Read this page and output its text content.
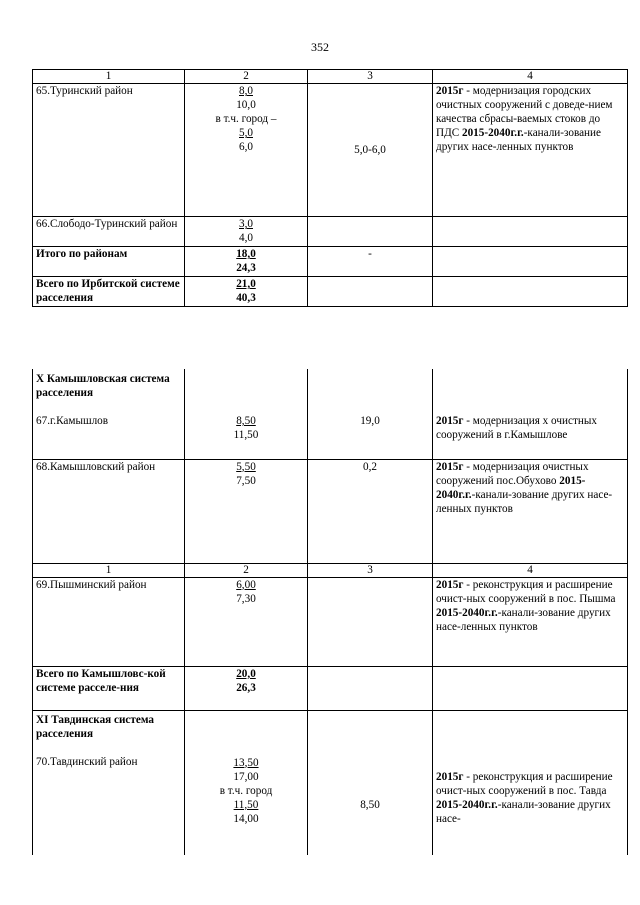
352
1	2	3	4
65.Туринский район	8,0
10,0
в т.ч. город –
5,0
6,0	5,0-6,0	2015г - модернизация городских очистных сооружений с доведе-нием качества сбрасы-ваемых стоков до ПДС 2015-2040г.г.-канали-зование других насе-ленных пунктов
66.Слободо-Туринский район	3,0
4,0		

Итого по районам	18,0
24,3	-	
Всего по Ирбитской системе расселения	21,0
40,3		

X Камышловская система расселения
67.г.Камышлов	8,50
11,50	19,0	2015г - модернизация х очистных сооружений в г.Камышлове
68.Камышловский район	5,50
7,50	0,2	2015г - модернизация очистных сооружений пос.Обухово 2015-2040г.г.-канали-зование других насе-ленных пунктов
1	2	3	4
69.Пышминский район	6,00
7,30		2015г - реконструкция и расширение очист-ных сооружений в пос. Пышма 2015-2040г.г.-канали-зование других насе-ленных пунктов
Всего по Камышловс-кой системе расселе-ния	20,0
26,3		

XI Тавдинская система расселения
70.Тавдинский район	13,50
17,00
в т.ч. город
11,50
14,00	8,50	2015г - реконструкция и расширение очист-ных сооружений в пос. Тавда 2015-2040г.г.-канали-зование других насе-
